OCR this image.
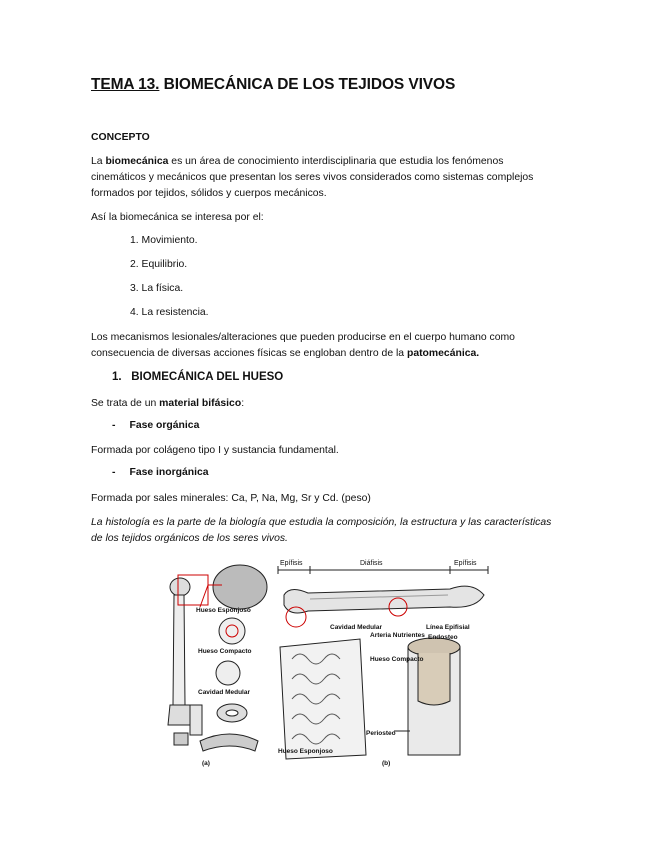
TEMA 13. BIOMECÁNICA DE LOS TEJIDOS VIVOS
CONCEPTO
La biomecánica es un área de conocimiento interdisciplinaria que estudia los fenómenos cinemáticos y mecánicos que presentan los seres vivos considerados como sistemas complejos formados por tejidos, sólidos y cuerpos mecánicos.
Así la biomecánica se interesa por el:
1. Movimiento.
2. Equilibrio.
3. La física.
4. La resistencia.
Los mecanismos lesionales/alteraciones que pueden producirse en el cuerpo humano como consecuencia de diversas acciones físicas se engloban dentro de la patomecánica.
1. BIOMECÁNICA DEL HUESO
Se trata de un material bifásico:
- Fase orgánica
Formada por colágeno tipo I y sustancia fundamental.
- Fase inorgánica
Formada por sales minerales: Ca, P, Na, Mg, Sr y Cd. (peso)
La histología es la parte de la biología que estudia la composición, la estructura y las características de los tejidos orgánicos de los seres vivos.
Hueso Esponjoso
Hueso Compacto
Cavidad Medular
(a)
Epífisis	Diáfisis	Epífisis
Cavidad Medular
Arteria Nutrientes
Línea Epifisial
Endosteo
Hueso Compacto
Periosteo
Hueso Esponjoso
(b)
